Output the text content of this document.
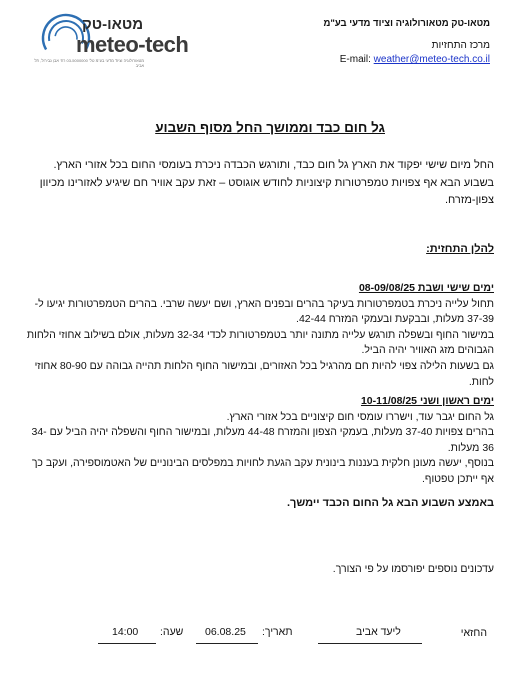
מטאו-טק
meteo-tech
מטאורולוגיה וציוד מדעי בע"מ טל' 03-5000000 רח' אבן גבירול, תל אביב
מטאו-טק מטאורולוגיה וציוד מדעי בע"מ
מרכז התחזיות
E-mail: weather@meteo-tech.co.il
גל חום כבד וממושך החל מסוף השבוע
החל מיום שישי יפקוד את הארץ גל חום כבד, ותורגש הכבדה ניכרת בעומסי החום בכל אזורי הארץ. בשבוע הבא אף צפויות טמפרטורות קיצוניות לחודש אוגוסט – זאת עקב אוויר חם שיגיע לאזורינו מכיוון צפון-מזרח.
להלן התחזית:
ימים שישי ושבת 08-09/08/25

תחול עלייה ניכרת בטמפרטורות בעיקר בהרים ובפנים הארץ, ושם יעשה שרבי. בהרים הטמפרטורות יגיעו ל- 37-39 מעלות, ובבקעת ובעמקי המזרח 42-44.

במישור החוף ובשפלה תורגש עלייה מתונה יותר בטמפרטורות לכדי 32-34 מעלות, אולם בשילוב אחוזי הלחות הגבוהים מזג האוויר יהיה הביל.

גם בשעות הלילה צפוי להיות חם מהרגיל בכל האזורים, ובמישור החוף הלחות תהייה גבוהה עם 80-90 אחוזי לחות.

ימים ראשון ושני 10-11/08/25

גל החום יגבר עוד, וישררו עומסי חום קיצוניים בכל אזורי הארץ.

בהרים צפויות 37-40 מעלות, בעמקי הצפון והמזרח 44-48 מעלות, ובמישור החוף והשפלה יהיה הביל עם 34-36 מעלות.

בנוסף, יעשה מעונן חלקית בעננות בינונית עקב הגעת לחויות במפלסים הבינוניים של האטמוספירה, ועקב כך אף ייתכן טפטוף.

באמצע השבוע הבא גל החום הכבד יימשך.
עדכונים נוספים יפורסמו על פי הצורך.
החזאי
ליעד אביב
תאריך:
06.08.25
שעה:
14:00
